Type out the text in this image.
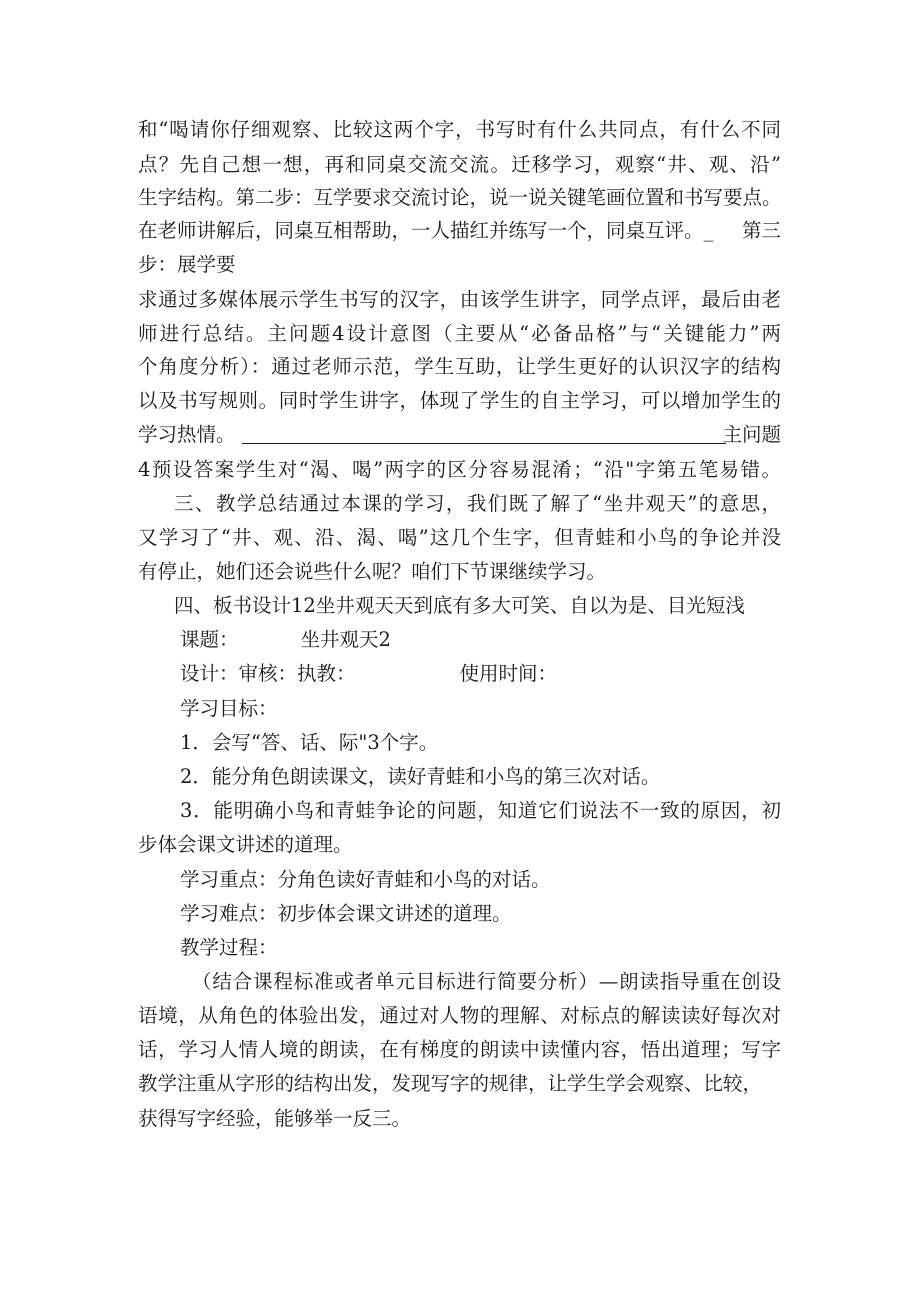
和“喝请你仔细观察、比较这两个字，书写时有什么共同点，有什么不同
点？先自己想一想，再和同桌交流交流。迁移学习，观察“井、观、沿”
生字结构。第二步：互学要求交流讨论，说一说关键笔画位置和书写要点。
在老师讲解后，同桌互相帮助，一人描红并练写一个，同桌互评。_ 第三
步：展学要
求通过多媒体展示学生书写的汉字，由该学生讲字，同学点评，最后由老
师进行总结。主问题4设计意图（主要从“必备品格”与“关键能力”两
个角度分析）：通过老师示范，学生互助，让学生更好的认识汉字的结构
以及书写规则。同时学生讲字，体现了学生的自主学习，可以增加学生的
学习热情。	主问题
4预设答案学生对“渴、喝”两字的区分容易混淆；“沿"字第五笔易错。
三、教学总结通过本课的学习，我们既了解了“坐井观天”的意思，
又学习了“井、观、沿、渴、喝”这几个生字，但青蛙和小鸟的争论并没
有停止，她们还会说些什么呢？咱们下节课继续学习。
四、板书设计12坐井观天天到底有多大可笑、自以为是、目光短浅
课题：	坐井观天2
设计：审核：执教：	使用时间：
学习目标：
1．会写“答、话、际"3个字。
2．能分角色朗读课文，读好青蛙和小鸟的第三次对话。
3．能明确小鸟和青蛙争论的问题，知道它们说法不一致的原因，初
步体会课文讲述的道理。
学习重点：分角色读好青蛙和小鸟的对话。
学习难点：初步体会课文讲述的道理。
教学过程：
（结合课程标准或者单元目标进行简要分析）—朗读指导重在创设
语境，从角色的体验出发，通过对人物的理解、对标点的解读读好每次对
话，学习人情人境的朗读，在有梯度的朗读中读懂内容，悟出道理；写字
教学注重从字形的结构出发，发现写字的规律，让学生学会观察、比较，
获得写字经验，能够举一反三。
